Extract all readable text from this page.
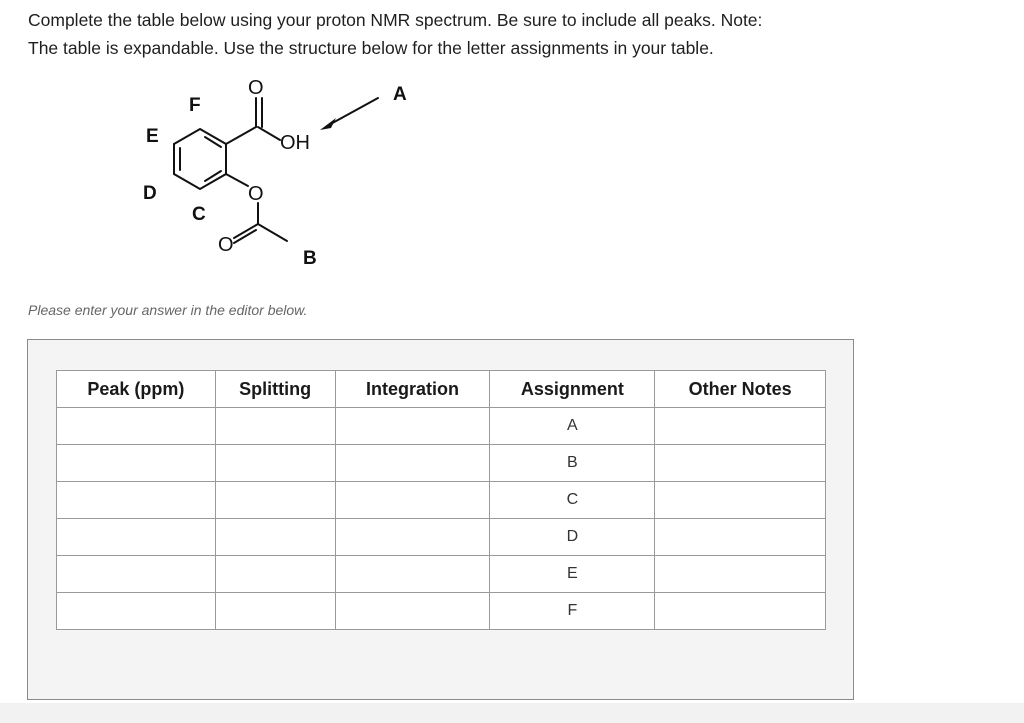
Complete the table below using your proton NMR spectrum. Be sure to include all peaks. Note:

The table is expandable. Use the structure below for the letter assignments in your table.

O
OH
O
O
A
B
C
D
E
F
Please enter your answer in the editor below.
Peak (ppm)	Splitting	Integration	Assignment	Other Notes
			A	
			B	
			C	
			D	
			E	
			F	
